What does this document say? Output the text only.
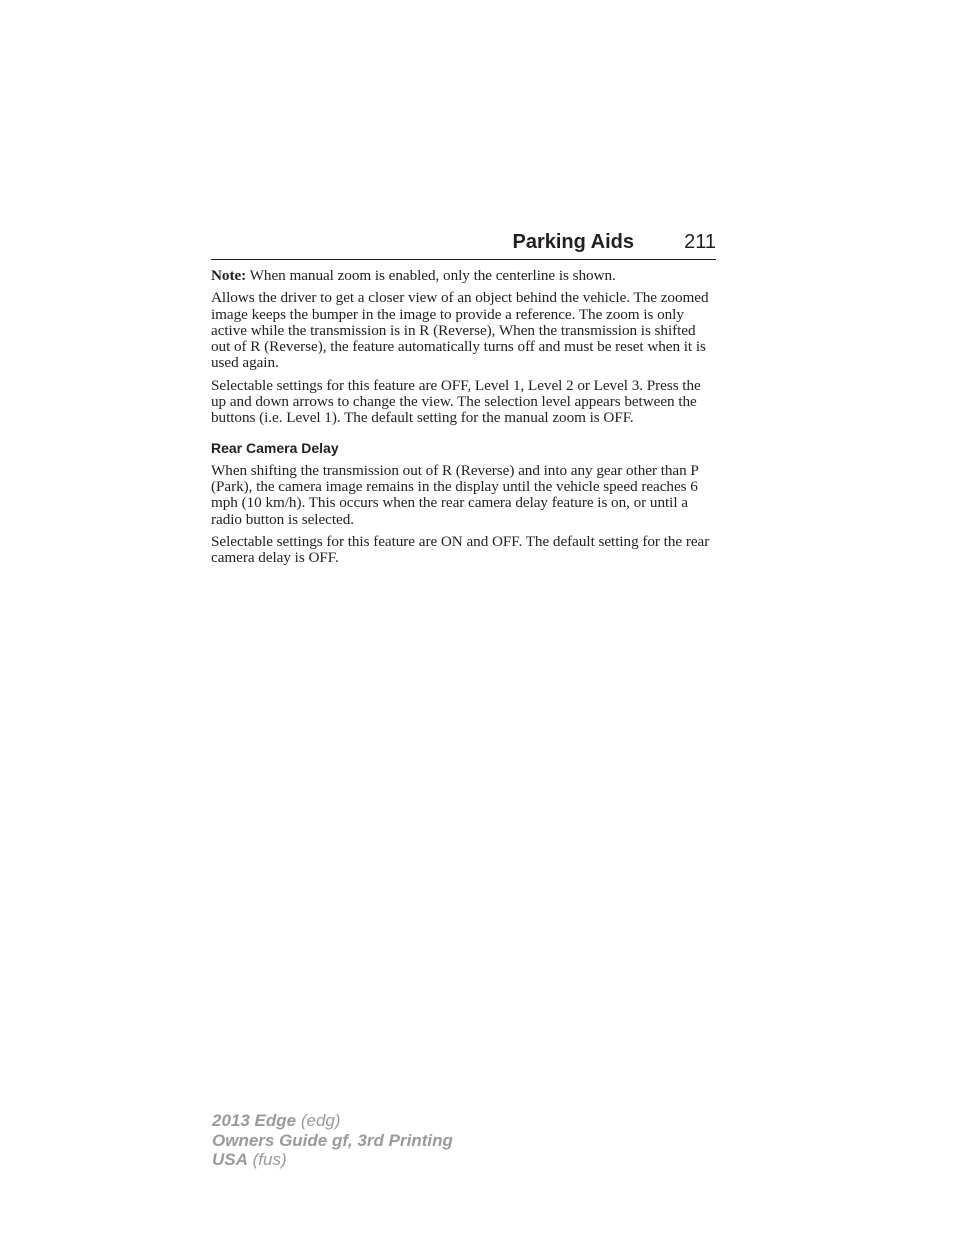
Parking Aids	211

Note: When manual zoom is enabled, only the centerline is shown.

Allows the driver to get a closer view of an object behind the vehicle. The zoomed image keeps the bumper in the image to provide a reference. The zoom is only active while the transmission is in R (Reverse), When the transmission is shifted out of R (Reverse), the feature automatically turns off and must be reset when it is used again.

Selectable settings for this feature are OFF, Level 1, Level 2 or Level 3. Press the up and down arrows to change the view. The selection level appears between the buttons (i.e. Level 1). The default setting for the manual zoom is OFF.

Rear Camera Delay

When shifting the transmission out of R (Reverse) and into any gear other than P (Park), the camera image remains in the display until the vehicle speed reaches 6 mph (10 km/h). This occurs when the rear camera delay feature is on, or until a radio button is selected.

Selectable settings for this feature are ON and OFF. The default setting for the rear camera delay is OFF.

2013 Edge (edg)
Owners Guide gf, 3rd Printing
USA (fus)
